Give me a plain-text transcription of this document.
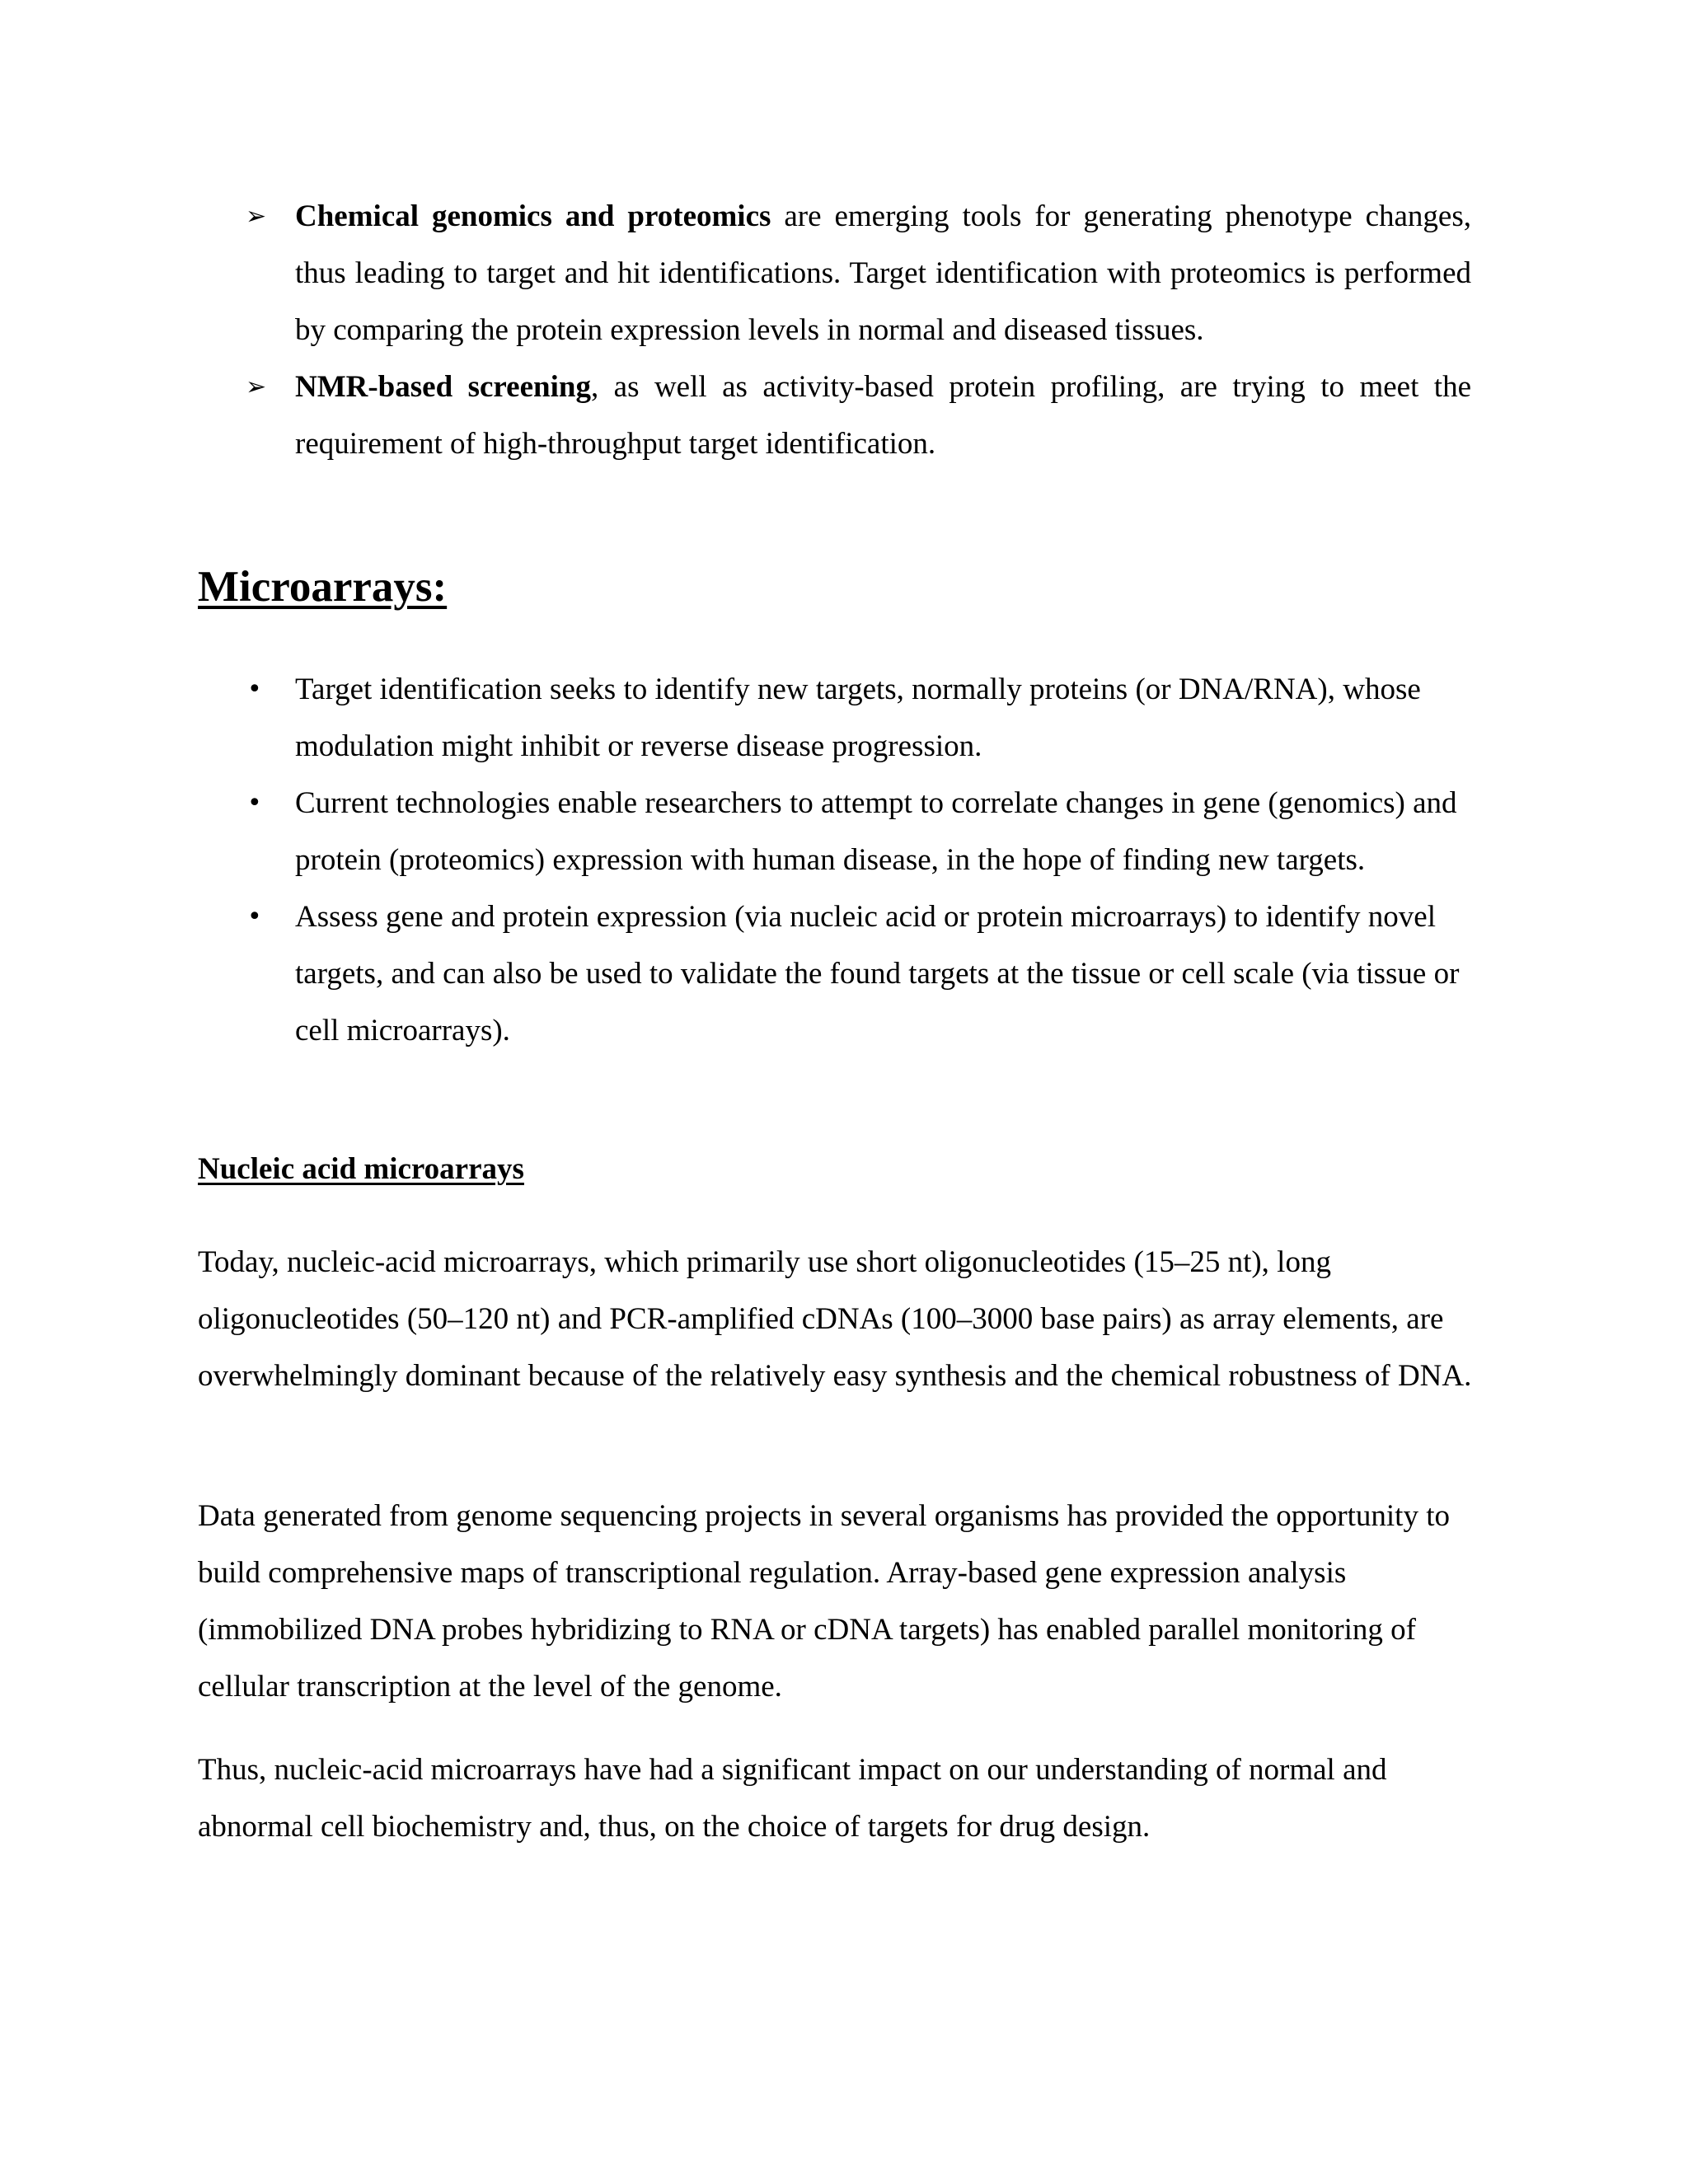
➢ Chemical genomics and proteomics are emerging tools for generating phenotype changes, thus leading to target and hit identifications. Target identification with proteomics is performed by comparing the protein expression levels in normal and diseased tissues.
➢ NMR-based screening, as well as activity-based protein profiling, are trying to meet the requirement of high-throughput target identification.
Microarrays:
• Target identification seeks to identify new targets, normally proteins (or DNA/RNA), whose modulation might inhibit or reverse disease progression.
• Current technologies enable researchers to attempt to correlate changes in gene (genomics) and protein (proteomics) expression with human disease, in the hope of finding new targets.
• Assess gene and protein expression (via nucleic acid or protein microarrays) to identify novel targets, and can also be used to validate the found targets at the tissue or cell scale (via tissue or cell microarrays).
Nucleic acid microarrays

Today, nucleic-acid microarrays, which primarily use short oligonucleotides (15–25 nt), long oligonucleotides (50–120 nt) and PCR-amplified cDNAs (100–3000 base pairs) as array elements, are overwhelmingly dominant because of the relatively easy synthesis and the chemical robustness of DNA.

Data generated from genome sequencing projects in several organisms has provided the opportunity to build comprehensive maps of transcriptional regulation. Array-based gene expression analysis (immobilized DNA probes hybridizing to RNA or cDNA targets) has enabled parallel monitoring of cellular transcription at the level of the genome.

Thus, nucleic-acid microarrays have had a significant impact on our understanding of normal and abnormal cell biochemistry and, thus, on the choice of targets for drug design.
